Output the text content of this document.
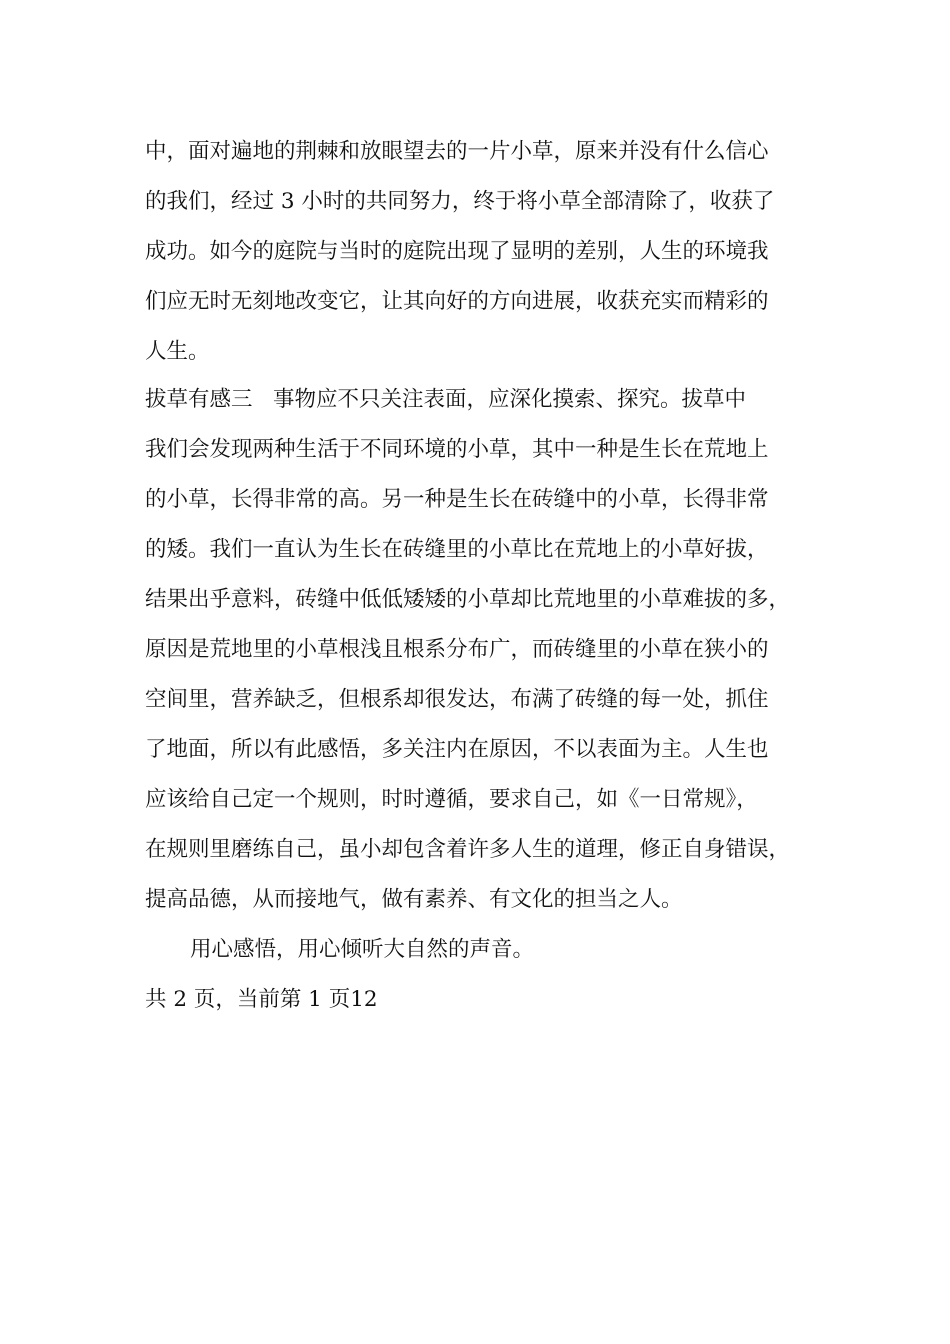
中，面对遍地的荆棘和放眼望去的一片小草，原来并没有什么信心

的我们，经过 3 小时的共同努力，终于将小草全部清除了，收获了

成功。如今的庭院与当时的庭院出现了显明的差别，人生的环境我

们应无时无刻地改变它，让其向好的方向进展，收获充实而精彩的

人生。

拔草有感三 事物应不只关注表面，应深化摸索、探究。拔草中

我们会发现两种生活于不同环境的小草，其中一种是生长在荒地上

的小草，长得非常的高。另一种是生长在砖缝中的小草，长得非常

的矮。我们一直认为生长在砖缝里的小草比在荒地上的小草好拔，

结果出乎意料，砖缝中低低矮矮的小草却比荒地里的小草难拔的多，

原因是荒地里的小草根浅且根系分布广，而砖缝里的小草在狭小的

空间里，营养缺乏，但根系却很发达，布满了砖缝的每一处，抓住

了地面，所以有此感悟，多关注内在原因，不以表面为主。人生也

应该给自己定一个规则，时时遵循，要求自己，如《一日常规》，

在规则里磨练自己，虽小却包含着许多人生的道理，修正自身错误，

提高品德，从而接地气，做有素养、有文化的担当之人。

用心感悟，用心倾听大自然的声音。

共 2 页，当前第 1 页12
